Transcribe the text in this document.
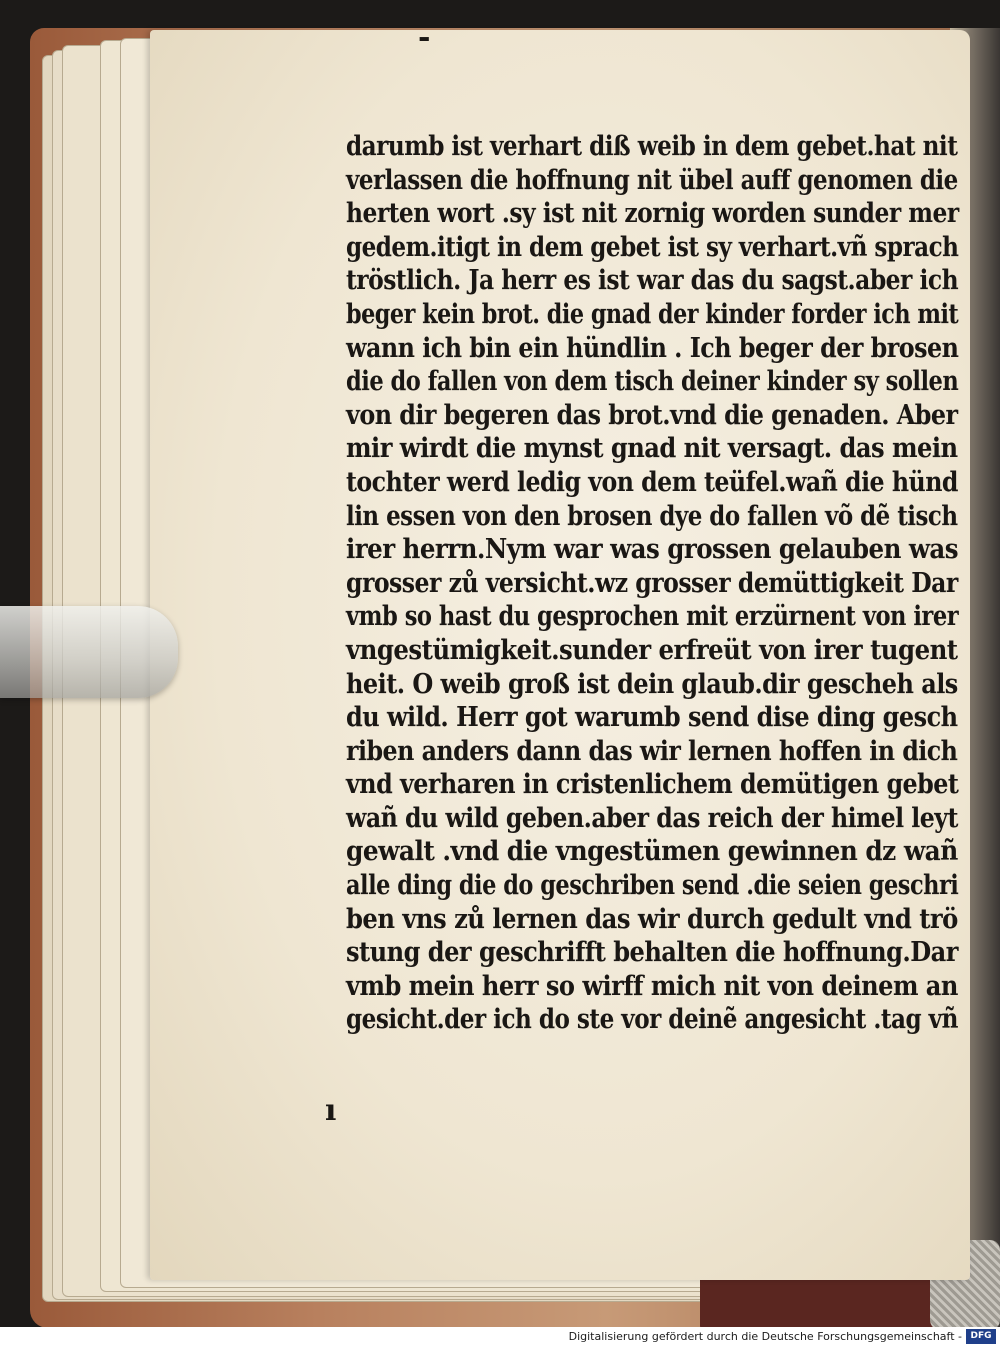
-
ı
darumb ist verhart diß weib in dem gebet.hat nit
verlassen die hoffnung nit übel auff genomen die
herten wort .sy ist nit zornig worden sunder mer
gedem.itigt in dem gebet ist sy verhart.vñ sprach
tröstlich. Ja herr es ist war das du sagst.aber ich
beger kein brot. die gnad der kinder forder ich mit
wann ich bin ein hündlin . Ich beger der brosen
die do fallen von dem tisch deiner kinder sy sollen
von dir begeren das brot.vnd die genaden. Aber
mir wirdt die mynst gnad nit versagt. das mein
tochter werd ledig von dem teüfel.wañ die hünd
lin essen von den brosen dye do fallen võ dẽ tisch
irer herrn.Nym war was grossen gelauben was
grosser zů versicht.wz grosser demüttigkeit Dar
vmb so hast du gesprochen mit erzürnent von irer
vngestümigkeit.sunder erfreüt von irer tugent
heit. O weib groß ist dein glaub.dir gescheh als
du wild. Herr got warumb send dise ding gesch
riben anders dann das wir lernen hoffen in dich
vnd verharen in cristenlichem demütigen gebet
wañ du wild geben.aber das reich der himel leyt
gewalt .vnd die vngestümen gewinnen dz wañ
alle ding die do geschriben send .die seien geschri
ben vns zů lernen das wir durch gedult vnd trö
stung der geschrifft behalten die hoffnung.Dar
vmb mein herr so wirff mich nit von deinem an
gesicht.der ich do ste vor deinẽ angesicht .tag vñ
Digitalisierung gefördert durch die Deutsche Forschungsgemeinschaft - DFG
